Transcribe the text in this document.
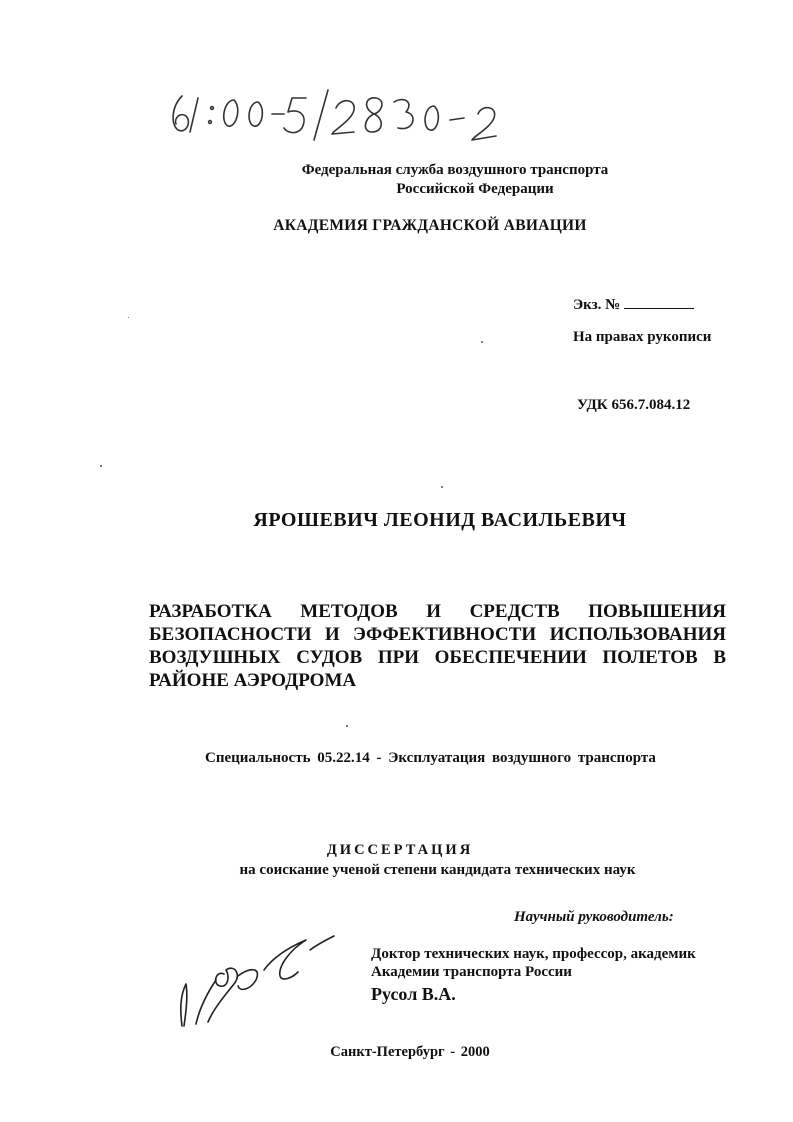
Федеральная служба воздушного транспорта
Российской Федерации
АКАДЕМИЯ ГРАЖДАНСКОЙ АВИАЦИИ
Экз. №
На правах рукописи
УДК 656.7.084.12
ЯРОШЕВИЧ ЛЕОНИД ВАСИЛЬЕВИЧ
РАЗРАБОТКА МЕТОДОВ И СРЕДСТВ ПОВЫШЕНИЯ
БЕЗОПАСНОСТИ И ЭФФЕКТИВНОСТИ ИСПОЛЬЗОВАНИЯ
ВОЗДУШНЫХ СУДОВ ПРИ ОБЕСПЕЧЕНИИ ПОЛЕТОВ В
РАЙОНЕ АЭРОДРОМА
Специальность 05.22.14 - Эксплуатация воздушного транспорта
ДИССЕРТАЦИЯ
на соискание ученой степени кандидата технических наук
Научный руководитель:
Доктор технических наук, профессор, академик
Академии транспорта России
Русол В.А.
Санкт-Петербург - 2000
